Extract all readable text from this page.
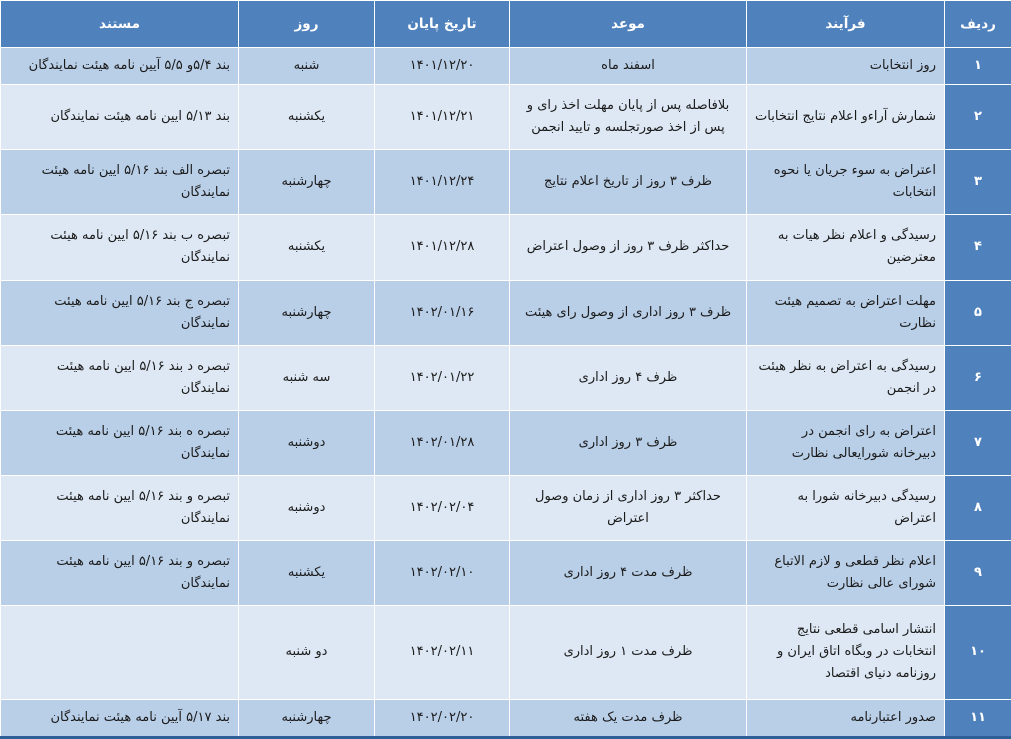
ردیف	فرآیند	موعد	تاریخ پایان	روز	مستند
۱	روز انتخابات	اسفند ماه	۱۴۰۱/۱۲/۲۰	شنبه	بند ۵/۴و ۵/۵ آیین نامه هیئت نمایندگان
۲	شمارش آراءو اعلام نتایج انتخابات	بلافاصله پس از پایان مهلت اخذ رای و پس از اخذ صورتجلسه و تایید انجمن	۱۴۰۱/۱۲/۲۱	یکشنبه	بند ۵/۱۳ ایین نامه هیئت نمایندگان
۳	اعتراض به سوء جریان یا نحوه انتخابات	ظرف ۳ روز از تاریخ اعلام نتایج	۱۴۰۱/۱۲/۲۴	چهارشنبه	تبصره الف بند ۵/۱۶ ایین نامه هیئت نمایندگان
۴	رسیدگی و اعلام نظر هیات به معترضین	حداکثر ظرف ۳ روز از وصول اعتراض	۱۴۰۱/۱۲/۲۸	یکشنبه	تبصره ب بند ۵/۱۶ ایین نامه هیئت نمایندگان
۵	مهلت اعتراض به تصمیم هیئت نظارت	ظرف ۳ روز اداری از وصول رای هیئت	۱۴۰۲/۰۱/۱۶	چهارشنبه	تبصره ج بند ۵/۱۶ ایین نامه هیئت نمایندگان
۶	رسیدگی به اعتراض به نظر هیئت در انجمن	ظرف ۴ روز اداری	۱۴۰۲/۰۱/۲۲	سه شنبه	تبصره د بند ۵/۱۶ ایین نامه هیئت نمایندگان
۷	اعتراض به رای انجمن در دبیرخانه شورایعالی نظارت	ظرف ۳ روز اداری	۱۴۰۲/۰۱/۲۸	دوشنبه	تبصره ه بند ۵/۱۶ ایین نامه هیئت نمایندگان
۸	رسیدگی دبیرخانه شورا به اعتراض	حداکثر ۳ روز اداری از زمان وصول اعتراض	۱۴۰۲/۰۲/۰۴	دوشنبه	تبصره و بند ۵/۱۶ ایین نامه هیئت نمایندگان
۹	اعلام نظر قطعی و لازم الاتباع شورای عالی نظارت	ظرف مدت ۴ روز اداری	۱۴۰۲/۰۲/۱۰	یکشنبه	تبصره و بند ۵/۱۶ ایین نامه هیئت نمایندگان
۱۰	انتشار اسامی قطعی نتایج انتخابات در وبگاه اتاق ایران و روزنامه دنیای اقتصاد	ظرف مدت ۱ روز اداری	۱۴۰۲/۰۲/۱۱	دو شنبه	
۱۱	صدور اعتبارنامه	ظرف مدت یک هفته	۱۴۰۲/۰۲/۲۰	چهارشنبه	بند ۵/۱۷ آیین نامه هیئت نمایندگان
